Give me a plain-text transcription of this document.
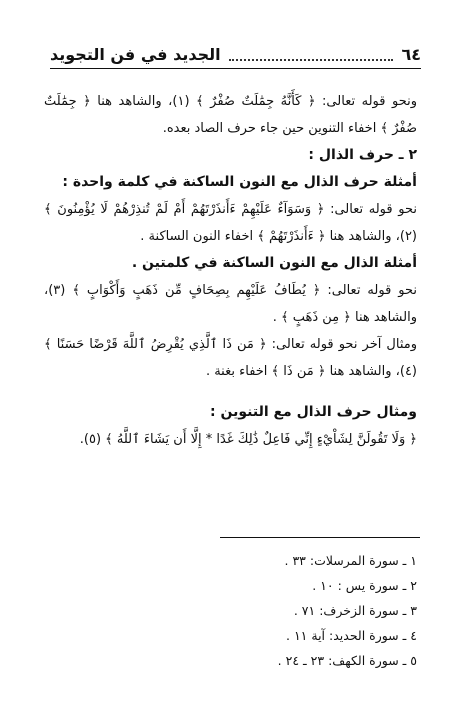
٦٤
الجديد في فن التجويد

ونحو قوله تعالى: ﴿ كَأَنَّهُ جِمَٰلَتٌ صُفْرٌ ﴾ (١)، والشاهد هنا ﴿ جِمَٰلَتٌ صُفْرٌ ﴾ اخفاء التنوين حين جاء حرف الصاد بعده.

٢ ـ حرف الذال :

أمثلة حرف الذال مع النون الساكنة في كلمة واحدة :

نحو قوله تعالى: ﴿ وَسَوَآءٌ عَلَيْهِمْ ءَأَنذَرْتَهُمْ أَمْ لَمْ تُنذِرْهُمْ لَا يُؤْمِنُونَ ﴾ (٢)، والشاهد هنا ﴿ ءَأَنذَرْتَهُمْ ﴾ اخفاء النون الساكنة .

أمثلة الذال مع النون الساكنة في كلمتين .

نحو قوله تعالى: ﴿ يُطَافُ عَلَيْهِم بِصِحَافٍ مِّن ذَهَبٍ وَأَكْوَابٍ ﴾ (٣)، والشاهد هنا ﴿ مِن ذَهَبٍ ﴾ .

ومثال آخر نحو قوله تعالى: ﴿ مَن ذَا ٱلَّذِي يُقْرِضُ ٱللَّهَ قَرْضًا حَسَنًا ﴾ (٤)، والشاهد هنا ﴿ مَن ذَا ﴾ اخفاء بغنة .

ومثال حرف الذال مع التنوين :

﴿ وَلَا تَقُولَنَّ لِشَاْيْءٍ إِنِّي فَاعِلٌ ذَٰلِكَ غَدًا * إِلَّا أَن يَشَاءَ ٱللَّهُ ﴾ (٥).

١ ـ سورة المرسلات: ٣٣ .

٢ ـ سورة يس : ١٠ .

٣ ـ سورة الزخرف: ٧١ .

٤ ـ سورة الحديد: آية ١١ .

٥ ـ سورة الكهف: ٢٣ ـ ٢٤ .
